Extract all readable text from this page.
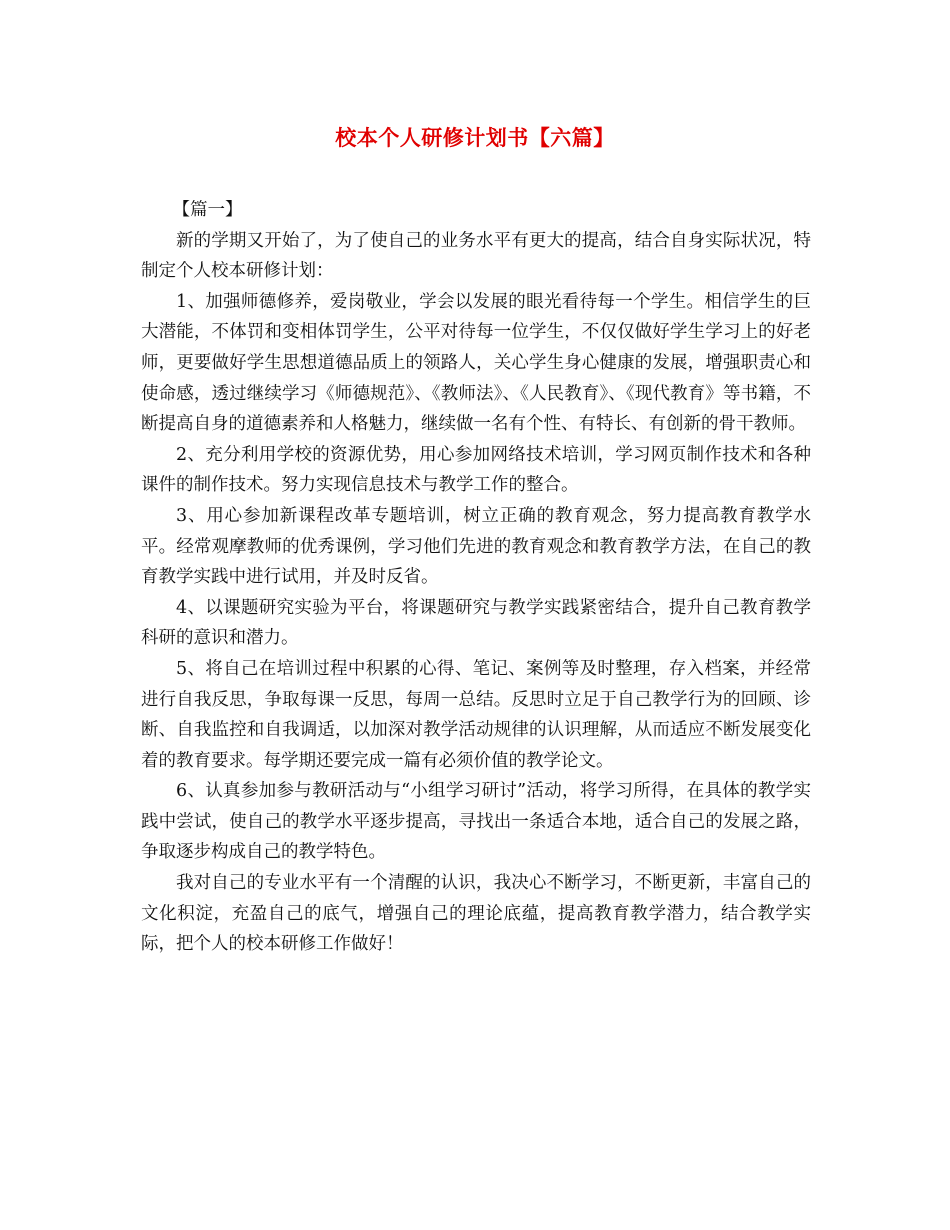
校本个人研修计划书【六篇】

【篇一】

新的学期又开始了，为了使自己的业务水平有更大的提高，结合自身实际状况，特制定个人校本研修计划：

1、加强师德修养，爱岗敬业，学会以发展的眼光看待每一个学生。相信学生的巨大潜能，不体罚和变相体罚学生，公平对待每一位学生，不仅仅做好学生学习上的好老师，更要做好学生思想道德品质上的领路人，关心学生身心健康的发展，增强职责心和使命感，透过继续学习《师德规范》、《教师法》、《人民教育》、《现代教育》等书籍，不断提高自身的道德素养和人格魅力，继续做一名有个性、有特长、有创新的骨干教师。

2、充分利用学校的资源优势，用心参加网络技术培训，学习网页制作技术和各种课件的制作技术。努力实现信息技术与教学工作的整合。

3、用心参加新课程改革专题培训，树立正确的教育观念，努力提高教育教学水平。经常观摩教师的优秀课例，学习他们先进的教育观念和教育教学方法，在自己的教育教学实践中进行试用，并及时反省。

4、以课题研究实验为平台，将课题研究与教学实践紧密结合，提升自己教育教学科研的意识和潜力。

5、将自己在培训过程中积累的心得、笔记、案例等及时整理，存入档案，并经常进行自我反思，争取每课一反思，每周一总结。反思时立足于自己教学行为的回顾、诊断、自我监控和自我调适，以加深对教学活动规律的认识理解，从而适应不断发展变化着的教育要求。每学期还要完成一篇有必须价值的教学论文。

6、认真参加参与教研活动与“小组学习研讨”活动，将学习所得，在具体的教学实践中尝试，使自己的教学水平逐步提高，寻找出一条适合本地，适合自己的发展之路，争取逐步构成自己的教学特色。

我对自己的专业水平有一个清醒的认识，我决心不断学习，不断更新，丰富自己的文化积淀，充盈自己的底气，增强自己的理论底蕴，提高教育教学潜力，结合教学实际，把个人的校本研修工作做好！
